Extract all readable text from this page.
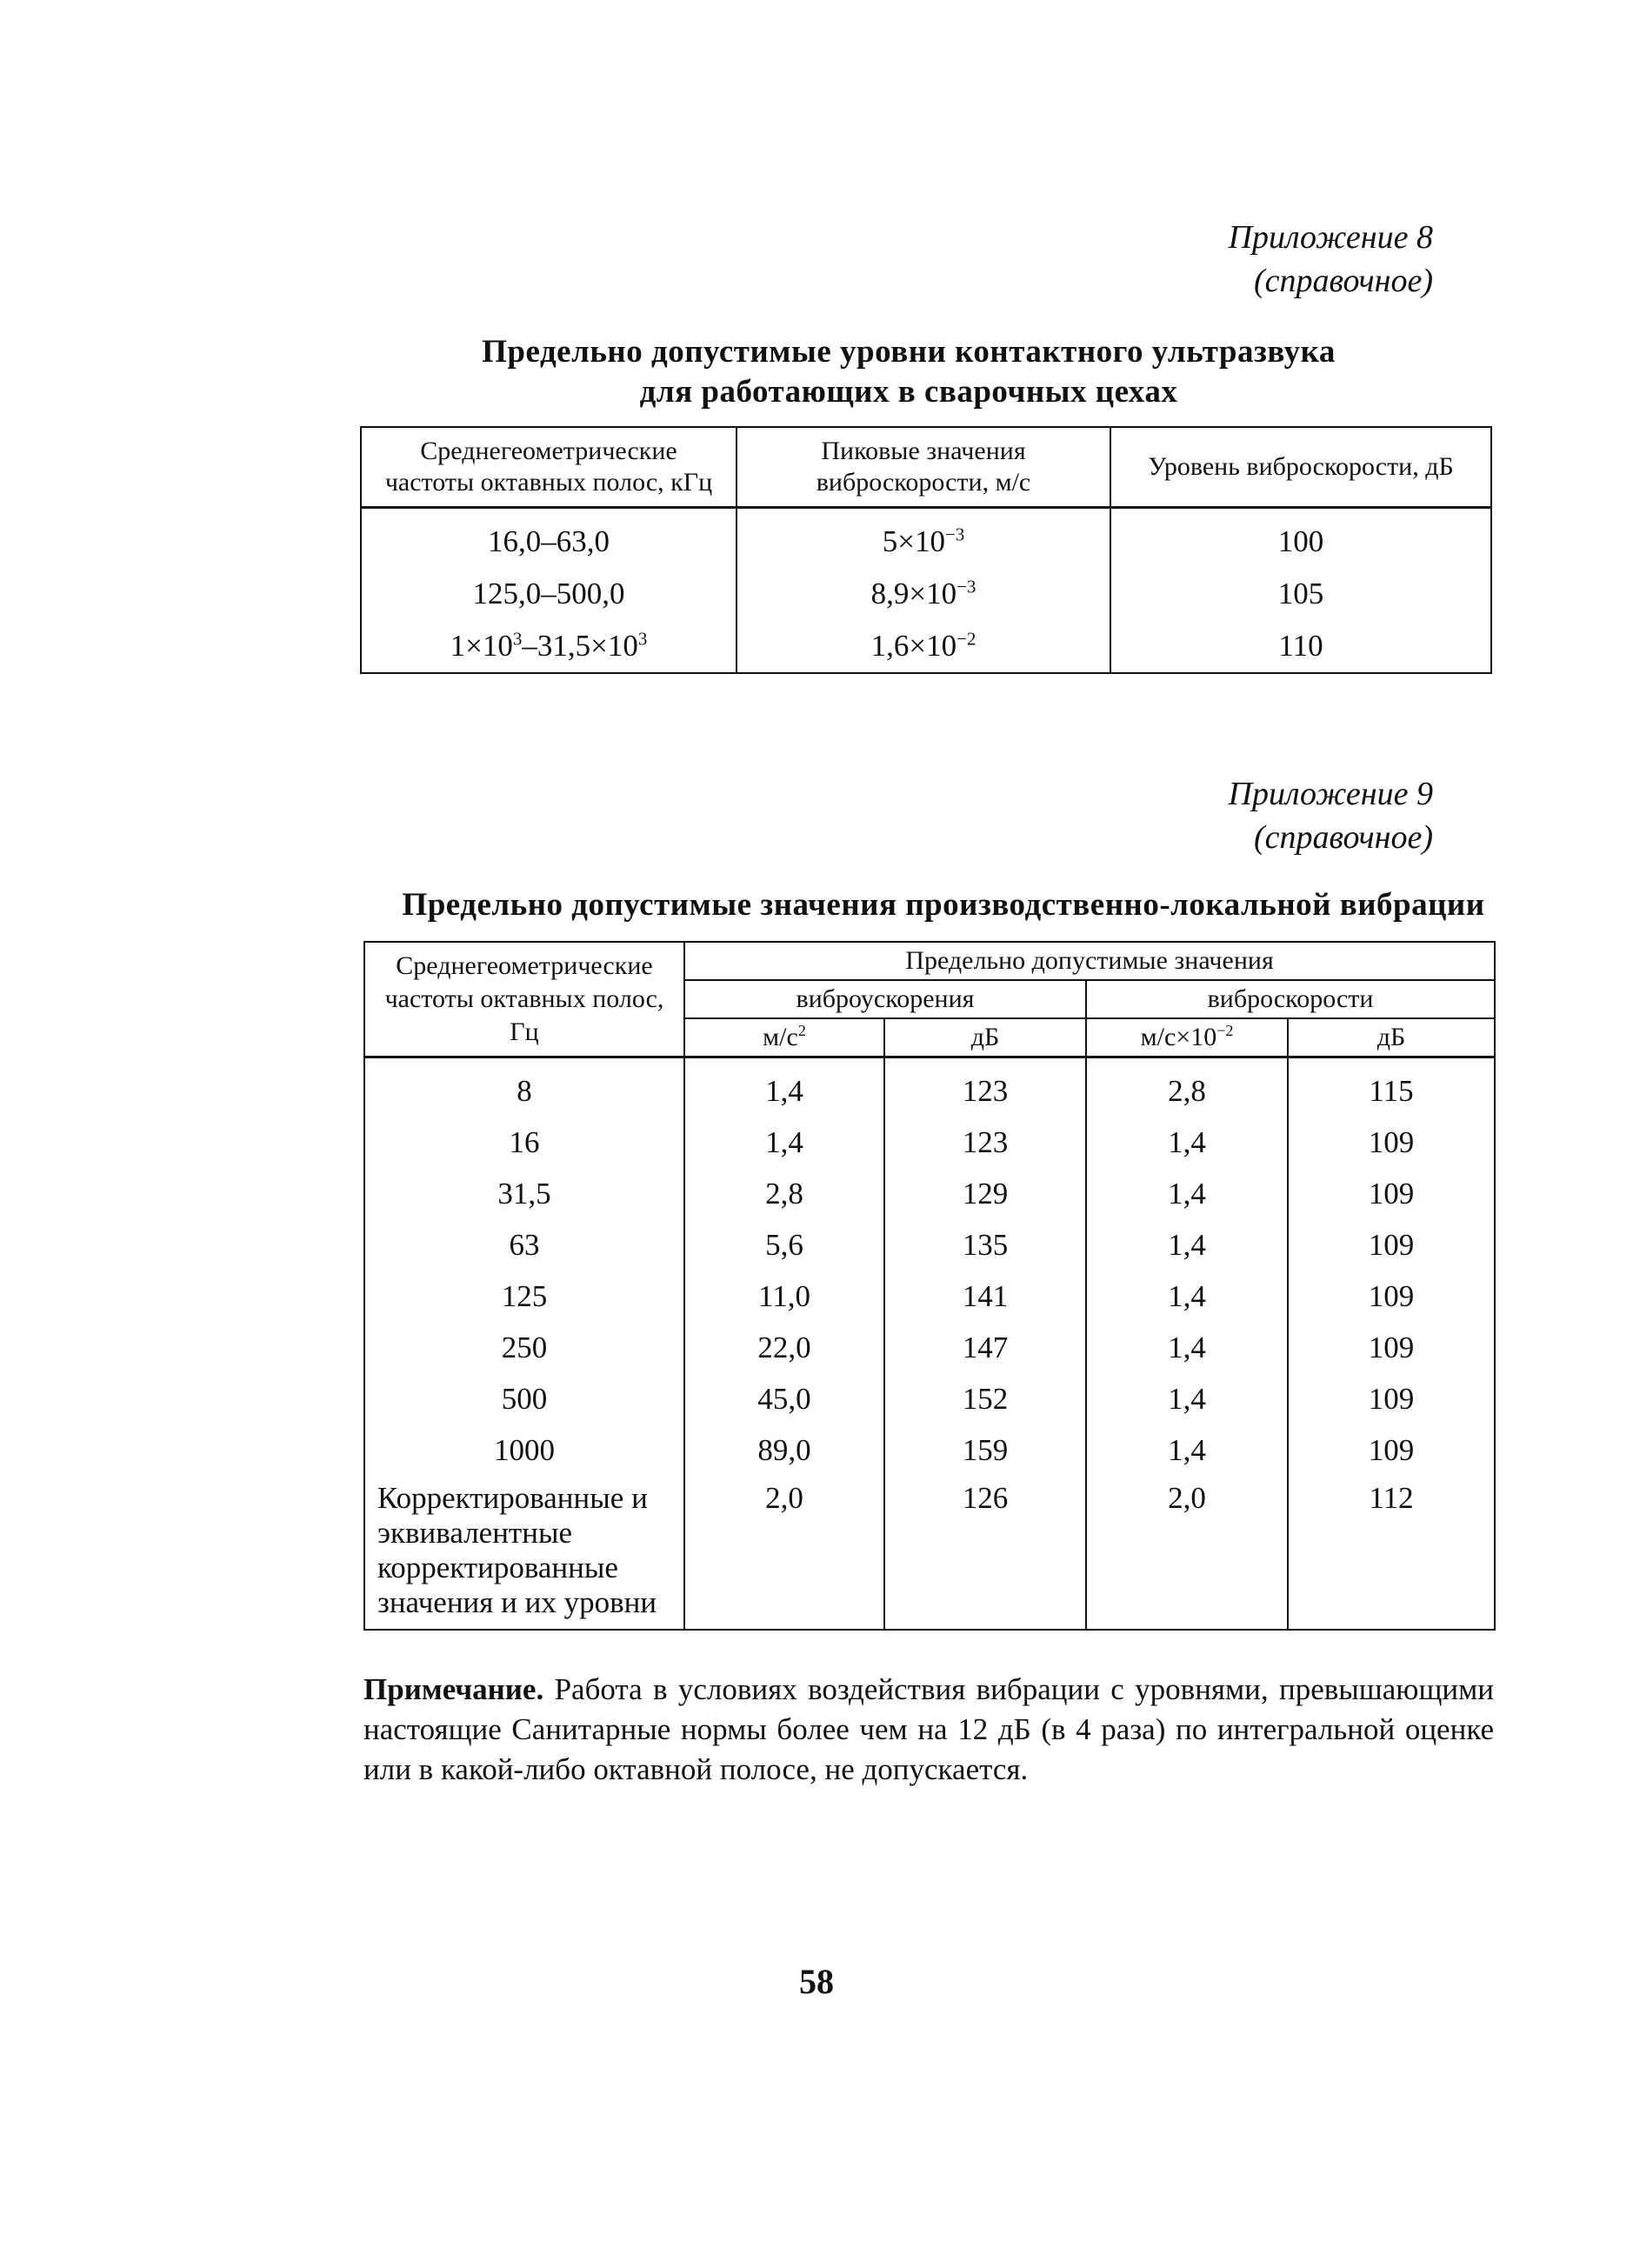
Приложение 8
(справочное)
Предельно допустимые уровни контактного ультразвука
для работающих в сварочных цехах
Среднегеометрические частоты октавных полос, кГц	Пиковые значения виброскорости, м/с	Уровень виброскорости, дБ
16,0–63,0	$5\times 10^{-3}$	100
125,0–500,0	$8,9\times 10^{-3}$	105
$1\times 10^3-31,5\times 10^3$	$1,6\times 10^{-2}$	110
Приложение 9
(справочное)
Предельно допустимые значения производственно-локальной вибрации
Среднегеометрические частоты октавных полос, Гц	Предельно допустимые значения			
	виброускорения		виброскорости	
	$м/с^2$	дБ	$м/с\times 10^{-2}$	дБ
8	1,4	123	2,8	115
16	1,4	123	1,4	109
31,5	2,8	129	1,4	109
63	5,6	135	1,4	109
125	11,0	141	1,4	109
250	22,0	147	1,4	109
500	45,0	152	1,4	109
1000	89,0	159	1,4	109
Корректированные и эквивалентные корректированные значения и их уровни	2,0	126	2,0	112
Примечание. Работа в условиях воздействия вибрации с уровнями, превышающими настоящие Санитарные нормы более чем на 12 дБ (в 4 раза) по интегральной оценке или в какой-либо октавной полосе, не допускается.
58
